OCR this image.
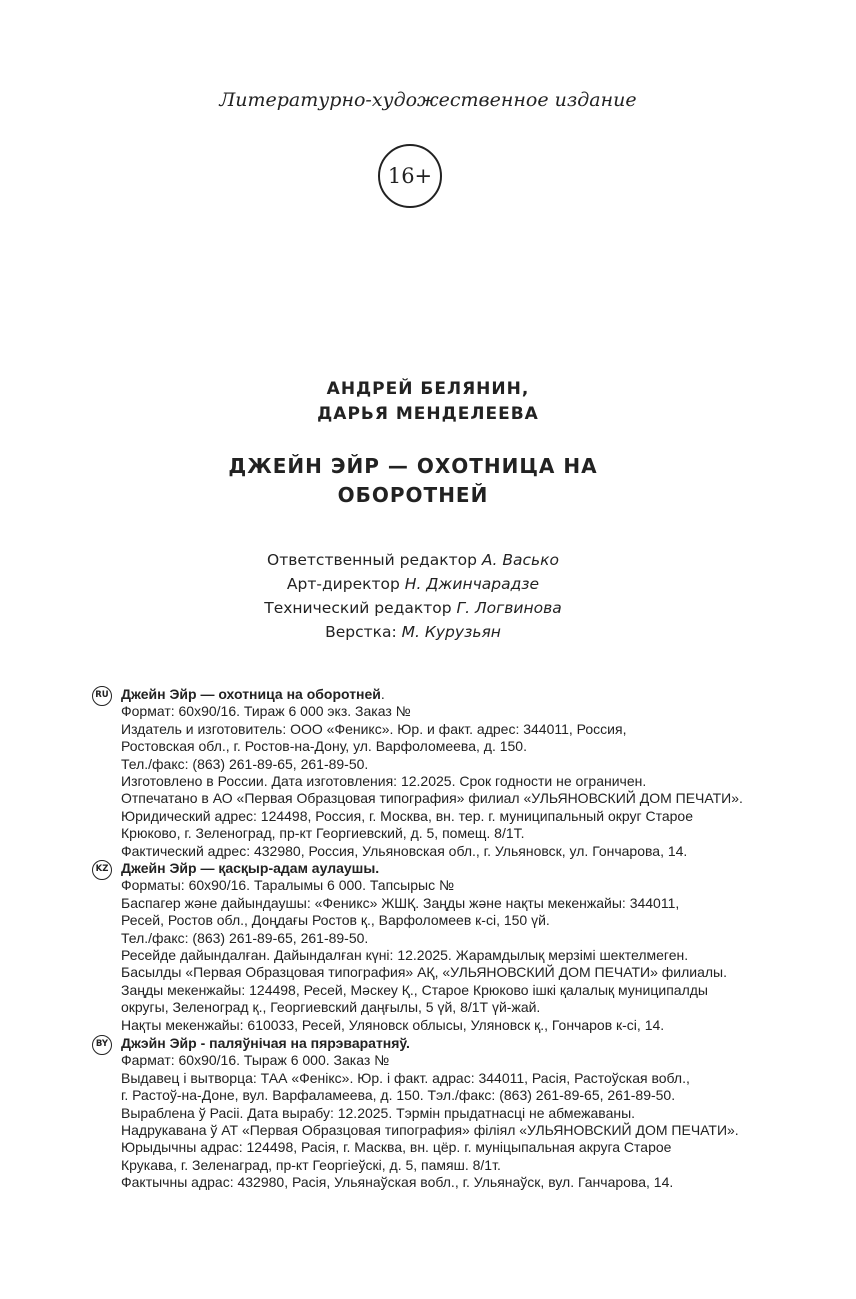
Литературно-художественное издание
16+
АНДРЕЙ БЕЛЯНИН,
ДАРЬЯ МЕНДЕЛЕЕВА
ДЖЕЙН ЭЙР — ОХОТНИЦА НА
ОБОРОТНЕЙ
Ответственный редактор А. Васько
Арт-директор Н. Джинчарадзе
Технический редактор Г. Логвинова
Верстка: М. Курузьян
RU Джейн Эйр — охотница на оборотней.
Формат: 60х90/16. Тираж 6 000 экз. Заказ №
Издатель и изготовитель: ООО «Феникс». Юр. и факт. адрес: 344011, Россия,
Ростовская обл., г. Ростов-на-Дону, ул. Варфоломеева, д. 150.
Тел./факс: (863) 261-89-65, 261-89-50.
Изготовлено в России. Дата изготовления: 12.2025. Срок годности не ограничен.
Отпечатано в АО «Первая Образцовая типография» филиал «УЛЬЯНОВСКИЙ ДОМ ПЕЧАТИ».
Юридический адрес: 124498, Россия, г. Москва, вн. тер. г. муниципальный округ Старое
Крюково, г. Зеленоград, пр-кт Георгиевский, д. 5, помещ. 8/1Т.
Фактический адрес: 432980, Россия, Ульяновская обл., г. Ульяновск, ул. Гончарова, 14.
KZ Джейн Эйр — қасқыр-адам аулаушы.
Форматы: 60х90/16. Таралымы 6 000. Тапсырыс №
Баспагер және дайындаушы: «Феникс» ЖШҚ. Заңды және нақты мекенжайы: 344011,
Ресей, Ростов обл., Доңдағы Ростов қ., Варфоломеев к-сі, 150 үй.
Тел./факс: (863) 261-89-65, 261-89-50.
Ресейде дайындалған. Дайындалған күні: 12.2025. Жарамдылық мерзімі шектелмеген.
Басылды «Первая Образцовая типография» АҚ, «УЛЬЯНОВСКИЙ ДОМ ПЕЧАТИ» филиалы.
Заңды мекенжайы: 124498, Ресей, Мәскеу Қ., Старое Крюково ішкі қалалық муниципалды
округы, Зеленоград қ., Георгиевский даңғылы, 5 үй, 8/1Т үй-жай.
Нақты мекенжайы: 610033, Ресей, Уляновск облысы, Уляновск қ., Гончаров к-сі, 14.
BY Джэйн Эйр - паляўнічая на пярэваратняў.
Фармат: 60х90/16. Тыраж 6 000. Заказ №
Выдавец і вытворца: ТАА «Фенікс». Юр. і факт. адрас: 344011, Расія, Растоўская вобл.,
г. Растоў-на-Доне, вул. Варфаламеева, д. 150. Тэл./факс: (863) 261-89-65, 261-89-50.
Выраблена ў Расіі. Дата вырабу: 12.2025. Тэрмін прыдатнасці не абмежаваны.
Надрукавана ў АТ «Первая Образцовая типография» філіял «УЛЬЯНОВСКИЙ ДОМ ПЕЧАТИ».
Юрыдычны адрас: 124498, Расія, г. Масква, вн. цёр. г. муніцыпальная акруга Старое
Крукава, г. Зеленаград, пр-кт Георгіеўскі, д. 5, памяш. 8/1т.
Фактычны адрас: 432980, Расія, Ульянаўская вобл., г. Ульянаўск, вул. Ганчарова, 14.
